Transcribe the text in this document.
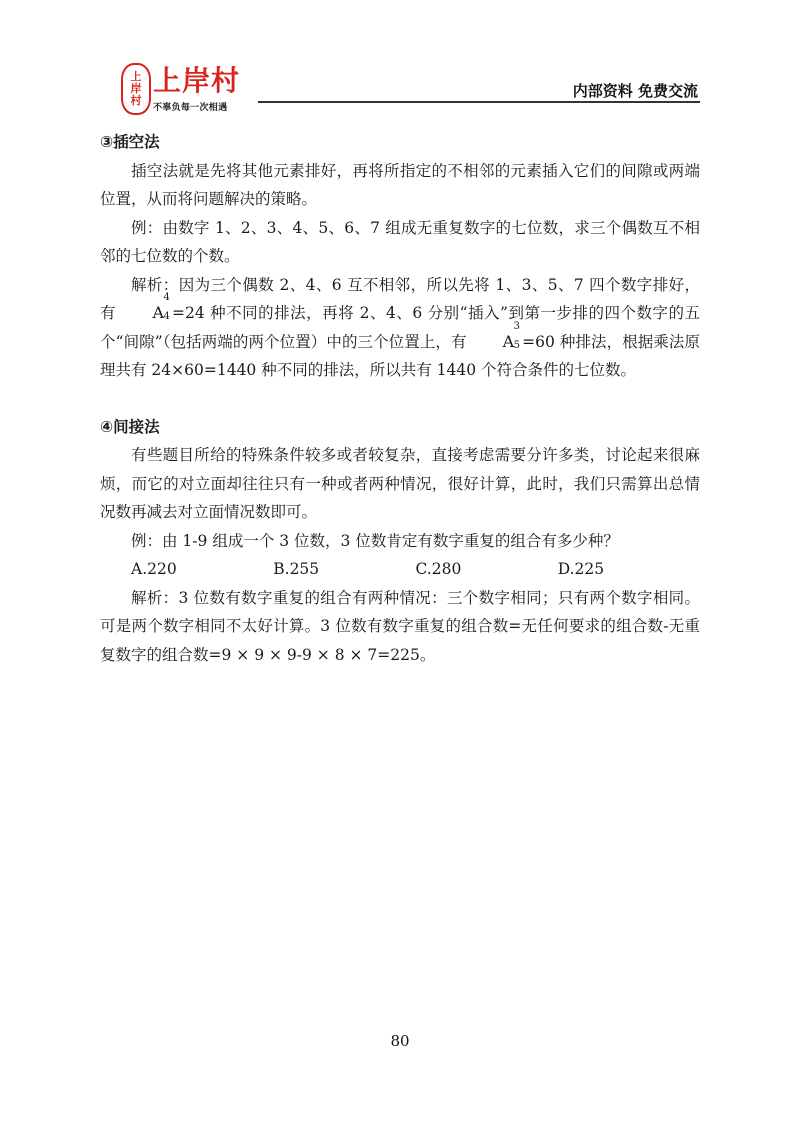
上
岸
村
上岸村
不辜负每一次相遇
内部资料 免费交流

③插空法

插空法就是先将其他元素排好，再将所指定的不相邻的元素插入它们的间隙或两端位置，从而将问题解决的策略。

例：由数字 1、2、3、4、5、6、7 组成无重复数字的七位数，求三个偶数互不相邻的七位数的个数。

解析：因为三个偶数 2、4、6 互不相邻，所以先将 1、3、5、7 四个数字排好，有 A
4
4 =24 种不同的排法，再将 2、4、6 分别“插入”到第一步排的四个数字的五个“间隙”（包括两端的两个位置）中的三个位置上，有 A
3
5 =60 种排法，根据乘法原理共有 24×60=1440 种不同的排法，所以共有 1440 个符合条件的七位数。

④间接法

有些题目所给的特殊条件较多或者较复杂，直接考虑需要分许多类，讨论起来很麻烦，而它的对立面却往往只有一种或者两种情况，很好计算，此时，我们只需算出总情况数再减去对立面情况数即可。

例：由 1-9 组成一个 3 位数，3 位数肯定有数字重复的组合有多少种？

A.220	B.255	C.280	D.225

解析：3 位数有数字重复的组合有两种情况：三个数字相同；只有两个数字相同。可是两个数字相同不太好计算。3 位数有数字重复的组合数=无任何要求的组合数-无重复数字的组合数=9 × 9 × 9-9 × 8 × 7=225。

80
